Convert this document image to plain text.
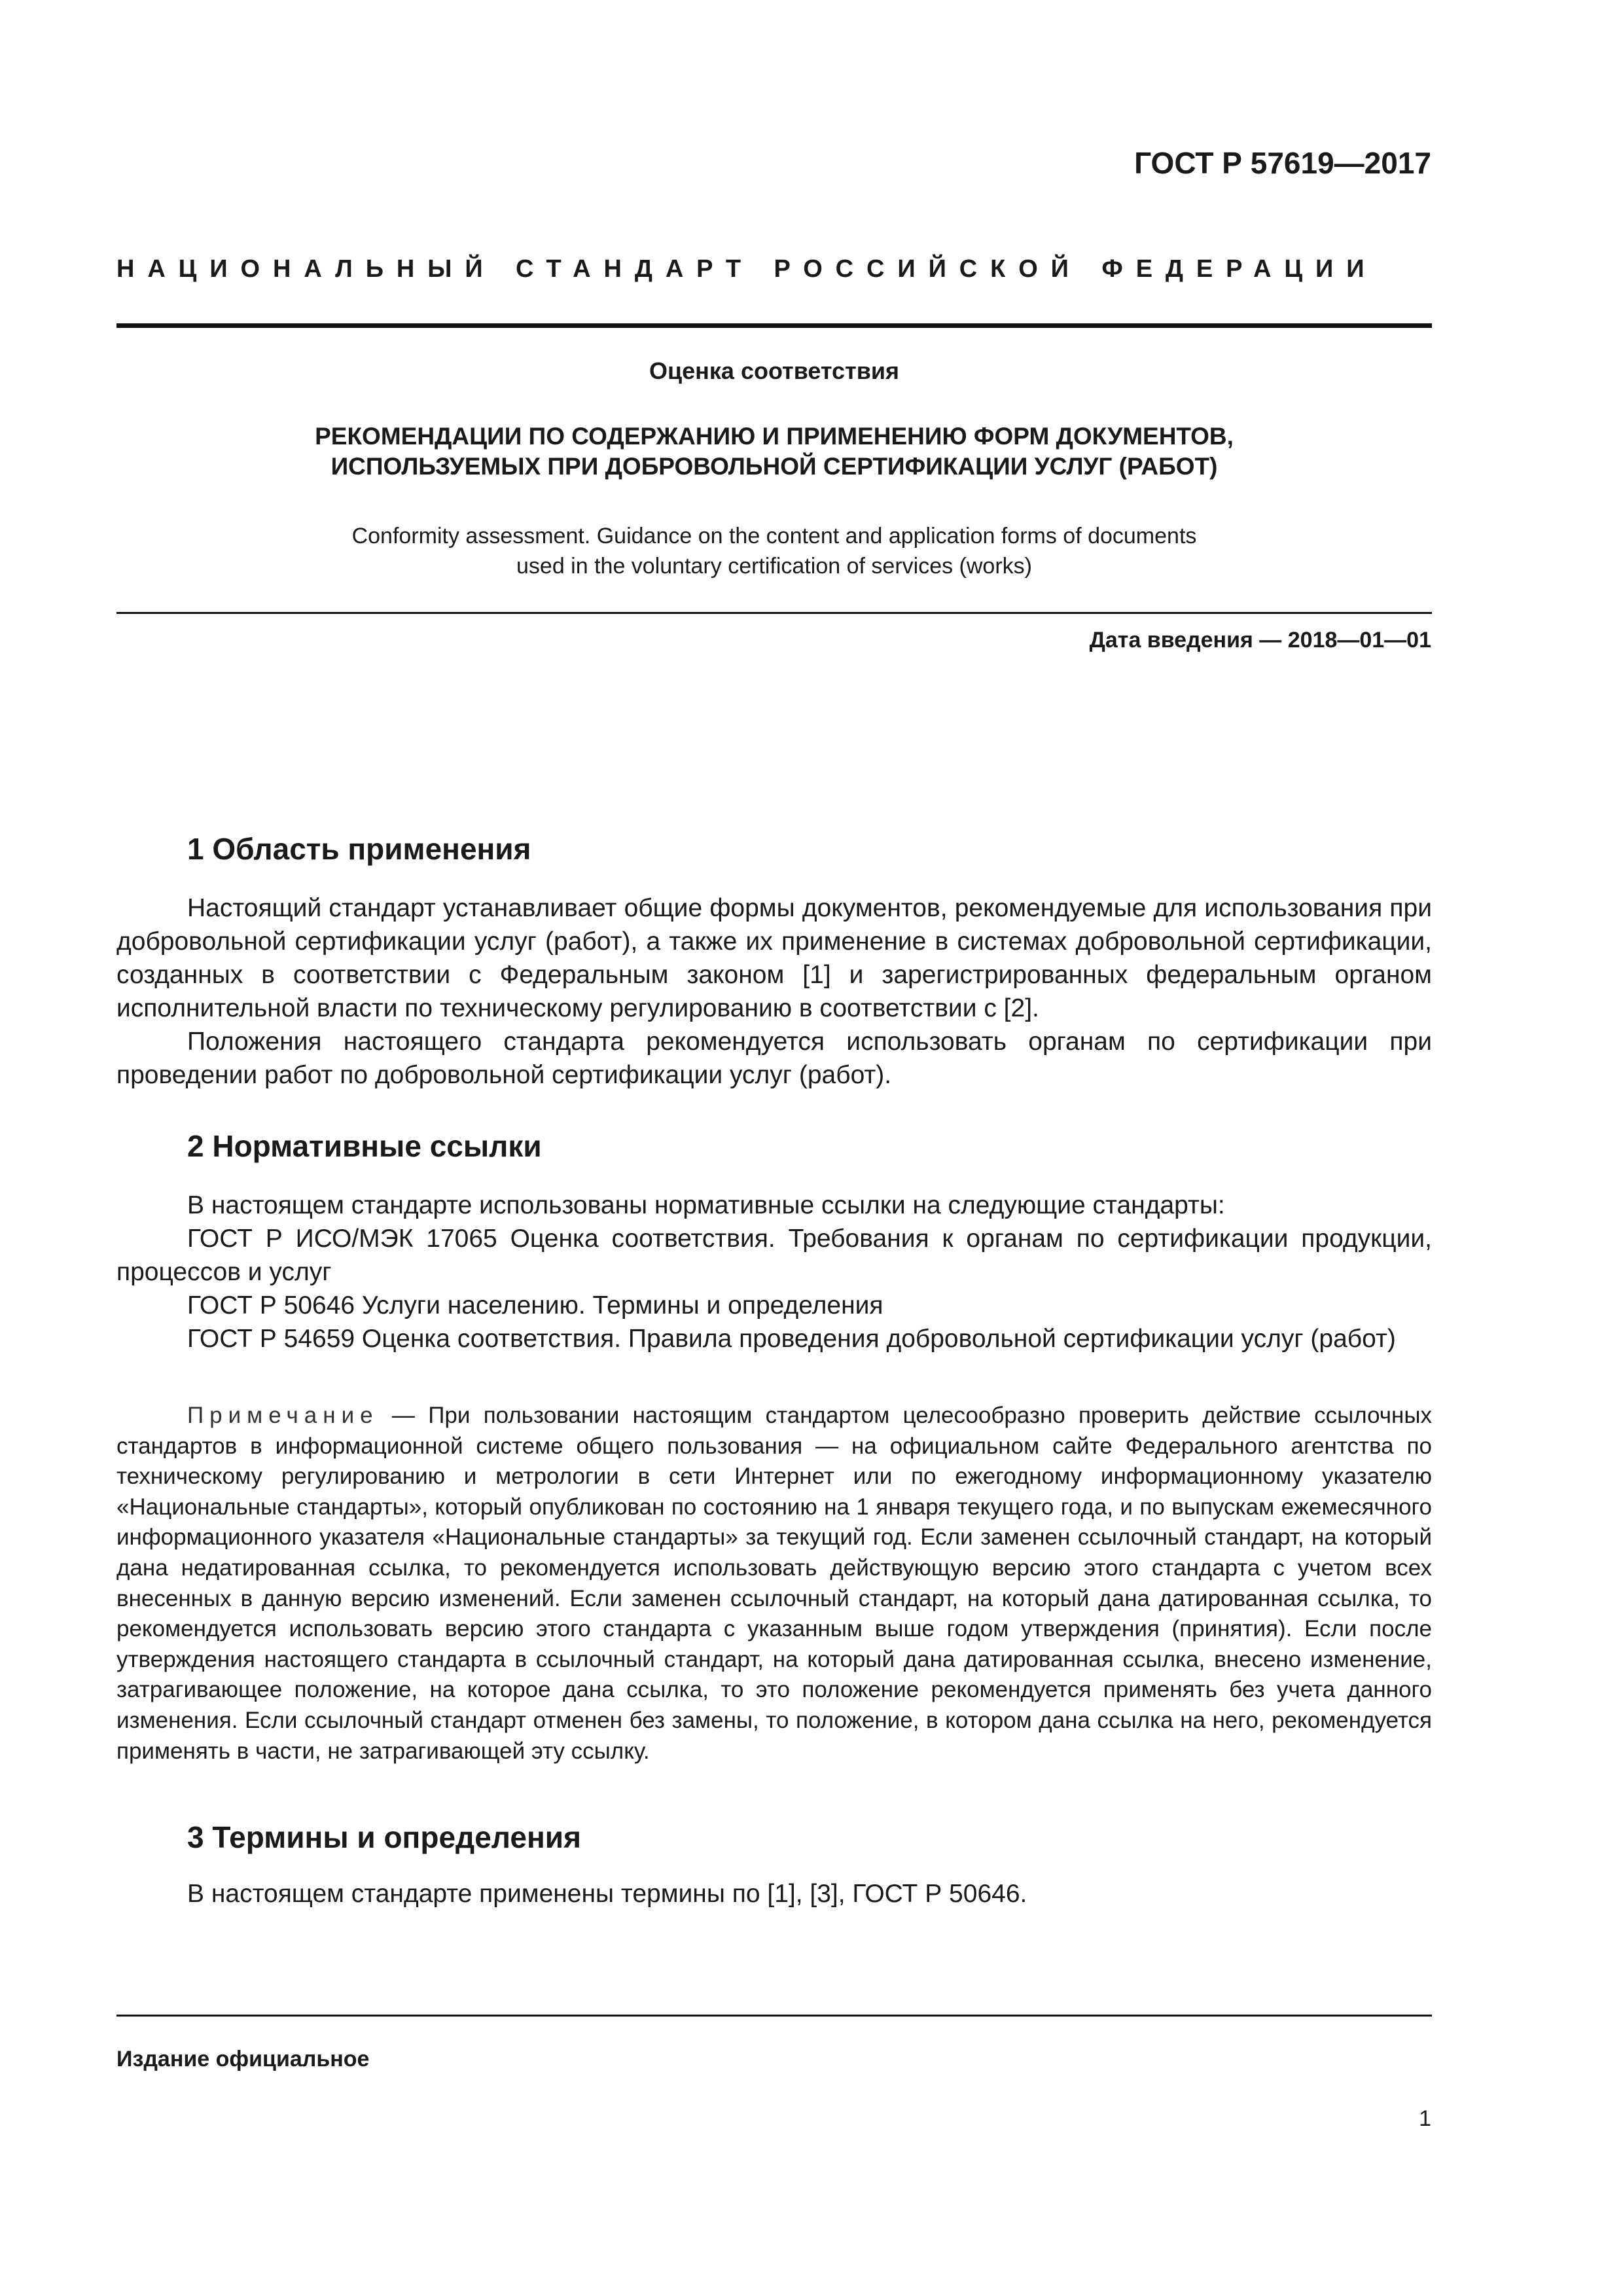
ГОСТ Р 57619—2017
НАЦИОНАЛЬНЫЙ СТАНДАРТ РОССИЙСКОЙ ФЕДЕРАЦИИ
Оценка соответствия
РЕКОМЕНДАЦИИ ПО СОДЕРЖАНИЮ И ПРИМЕНЕНИЮ ФОРМ ДОКУМЕНТОВ,
ИСПОЛЬЗУЕМЫХ ПРИ ДОБРОВОЛЬНОЙ СЕРТИФИКАЦИИ УСЛУГ (РАБОТ)
Conformity assessment. Guidance on the content and application forms of documents
used in the voluntary certification of services (works)
Дата введения — 2018—01—01
1 Область применения

Настоящий стандарт устанавливает общие формы документов, рекомендуемые для использования при добровольной сертификации услуг (работ), а также их применение в системах добровольной сертификации, созданных в соответствии с Федеральным законом [1] и зарегистрированных федеральным органом исполнительной власти по техническому регулированию в соответствии с [2].

Положения настоящего стандарта рекомендуется использовать органам по сертификации при проведении работ по добровольной сертификации услуг (работ).

2 Нормативные ссылки

В настоящем стандарте использованы нормативные ссылки на следующие стандарты:

ГОСТ Р ИСО/МЭК 17065 Оценка соответствия. Требования к органам по сертификации продукции, процессов и услуг

ГОСТ Р 50646 Услуги населению. Термины и определения

ГОСТ Р 54659 Оценка соответствия. Правила проведения добровольной сертификации услуг (работ)

Примечание — При пользовании настоящим стандартом целесообразно проверить действие ссылочных стандартов в информационной системе общего пользования — на официальном сайте Федерального агентства по техническому регулированию и метрологии в сети Интернет или по ежегодному информационному указателю «Национальные стандарты», который опубликован по состоянию на 1 января текущего года, и по выпускам ежемесячного информационного указателя «Национальные стандарты» за текущий год. Если заменен ссылочный стандарт, на который дана недатированная ссылка, то рекомендуется использовать действующую версию этого стандарта с учетом всех внесенных в данную версию изменений. Если заменен ссылочный стандарт, на который дана датированная ссылка, то рекомендуется использовать версию этого стандарта с указанным выше годом утверждения (принятия). Если после утверждения настоящего стандарта в ссылочный стандарт, на который дана датированная ссылка, внесено изменение, затрагивающее положение, на которое дана ссылка, то это положение рекомендуется применять без учета данного изменения. Если ссылочный стандарт отменен без замены, то положение, в котором дана ссылка на него, рекомендуется применять в части, не затрагивающей эту ссылку.

3 Термины и определения

В настоящем стандарте применены термины по [1], [3], ГОСТ Р 50646.

Издание официальное
1
